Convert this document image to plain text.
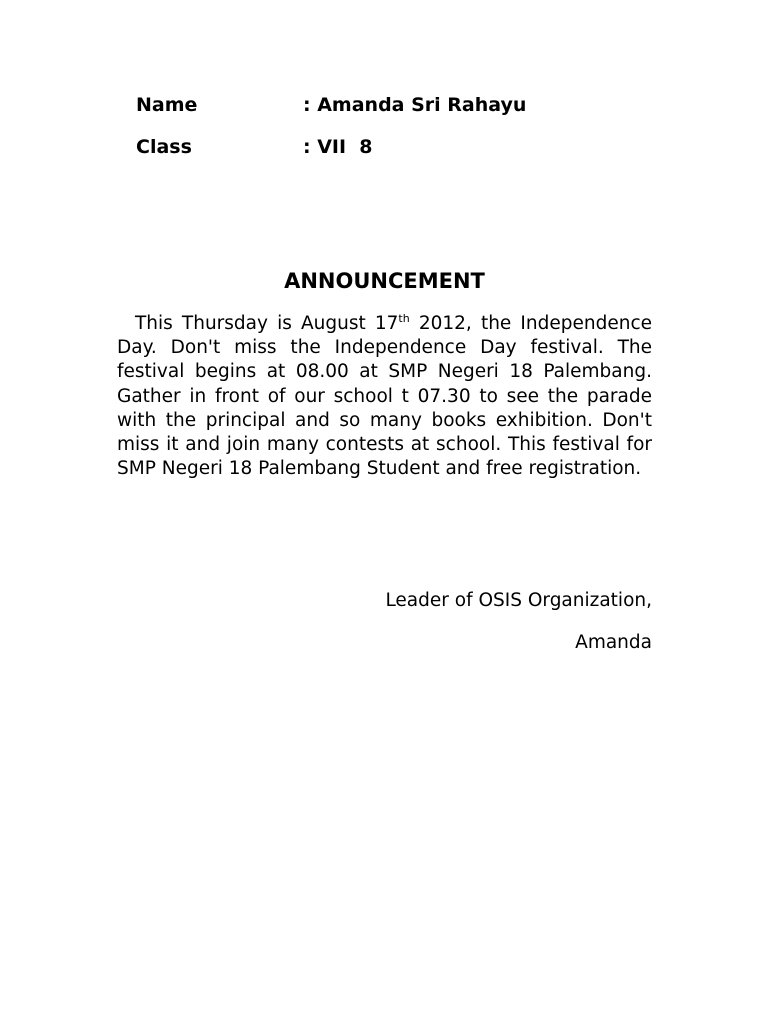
Name	: Amanda Sri Rahayu
Class	: VII  8
ANNOUNCEMENT

This Thursday is August 17th 2012, the Independence Day. Don't miss the Independence Day festival. The festival begins at 08.00 at SMP Negeri 18 Palembang. Gather in front of our school t 07.30 to see the parade with the principal and so many books exhibition. Don't miss it and join many contests at school. This festival for SMP Negeri 18 Palembang Student and free registration.

Leader of OSIS Organization,
Amanda
